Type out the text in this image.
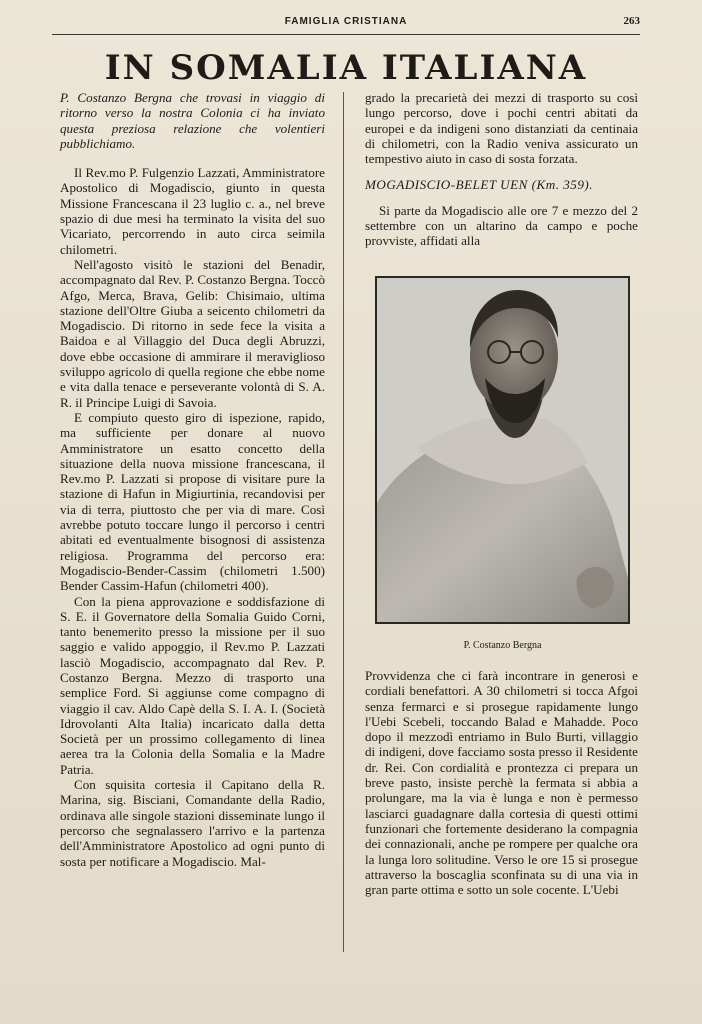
FAMIGLIA CRISTIANA	263
IN SOMALIA ITALIANA

P. Costanzo Bergna che trovasi in viaggio di ritorno verso la nostra Colonia ci ha inviato questa preziosa relazione che volentieri pubblichiamo.

Il Rev.mo P. Fulgenzio Lazzati, Amministratore Apostolico di Mogadiscio, giunto in questa Missione Francescana il 23 luglio c. a., nel breve spazio di due mesi ha terminato la visita del suo Vicariato, percorrendo in auto circa seimila chilometri.

Nell'agosto visitò le stazioni del Benadir, accompagnato dal Rev. P. Costanzo Bergna. Toccò Afgo, Merca, Brava, Gelib: Chisimaio, ultima stazione dell'Oltre Giuba a seicento chilometri da Mogadiscio. Di ritorno in sede fece la visita a Baidoa e al Villaggio del Duca degli Abruzzi, dove ebbe occasione di ammirare il meraviglioso sviluppo agricolo di quella regione che ebbe nome e vita dalla tenace e perseverante volontà di S. A. R. il Principe Luigi di Savoia.

E compiuto questo giro di ispezione, rapido, ma sufficiente per donare al nuovo Amministratore un esatto concetto della situazione della nuova missione francescana, il Rev.mo P. Lazzati si propose di visitare pure la stazione di Hafun in Migiurtinia, recandovisi per via di terra, piuttosto che per via di mare. Così avrebbe potuto toccare lungo il percorso i centri abitati ed eventualmente bisognosi di assistenza religiosa. Programma del percorso era: Mogadiscio-Bender-Cassim (chilometri 1.500) Bender Cassim-Hafun (chilometri 400).

Con la piena approvazione e soddisfazione di S. E. il Governatore della Somalia Guido Corni, tanto benemerito presso la missione per il suo saggio e valido appoggio, il Rev.mo P. Lazzati lasciò Mogadiscio, accompagnato dal Rev. P. Costanzo Bergna. Mezzo di trasporto una semplice Ford. Si aggiunse come compagno di viaggio il cav. Aldo Capè della S. I. A. I. (Società Idrovolanti Alta Italia) incaricato dalla detta Società per un prossimo collegamento di linea aerea tra la Colonia della Somalia e la Madre Patria.

Con squisita cortesia il Capitano della R. Marina, sig. Bisciani, Comandante della Radio, ordinava alle singole stazioni disseminate lungo il percorso che segnalassero l'arrivo e la partenza dell'Amministratore Apostolico ad ogni punto di sosta per notificare a Mogadiscio. Mal-

grado la precarietà dei mezzi di trasporto su così lungo percorso, dove i pochi centri abitati da europei e da indigeni sono distanziati da centinaia di chilometri, con la Radio veniva assicurato un tempestivo aiuto in caso di sosta forzata.

MOGADISCIO-BELET UEN (Km. 359).

Si parte da Mogadiscio alle ore 7 e mezzo del 2 settembre con un altarino da campo e poche provviste, affidati alla

P. Costanzo Bergna

Provvidenza che ci farà incontrare in generosi e cordiali benefattori. A 30 chilometri si tocca Afgoi senza fermarci e si prosegue rapidamente lungo l'Uebi Scebeli, toccando Balad e Mahadde. Poco dopo il mezzodì entriamo in Bulo Burti, villaggio di indigeni, dove facciamo sosta presso il Residente dr. Rei. Con cordialità e prontezza ci prepara un breve pasto, insiste perchè la fermata si abbia a prolungare, ma la via è lunga e non è permesso lasciarci guadagnare dalla cortesia di questi ottimi funzionari che fortemente desiderano la compagnia dei connazionali, anche pe rompere per qualche ora la lunga loro solitudine. Verso le ore 15 si prosegue attraverso la boscaglia sconfinata su di una via in gran parte ottima e sotto un sole cocente. L'Uebi
